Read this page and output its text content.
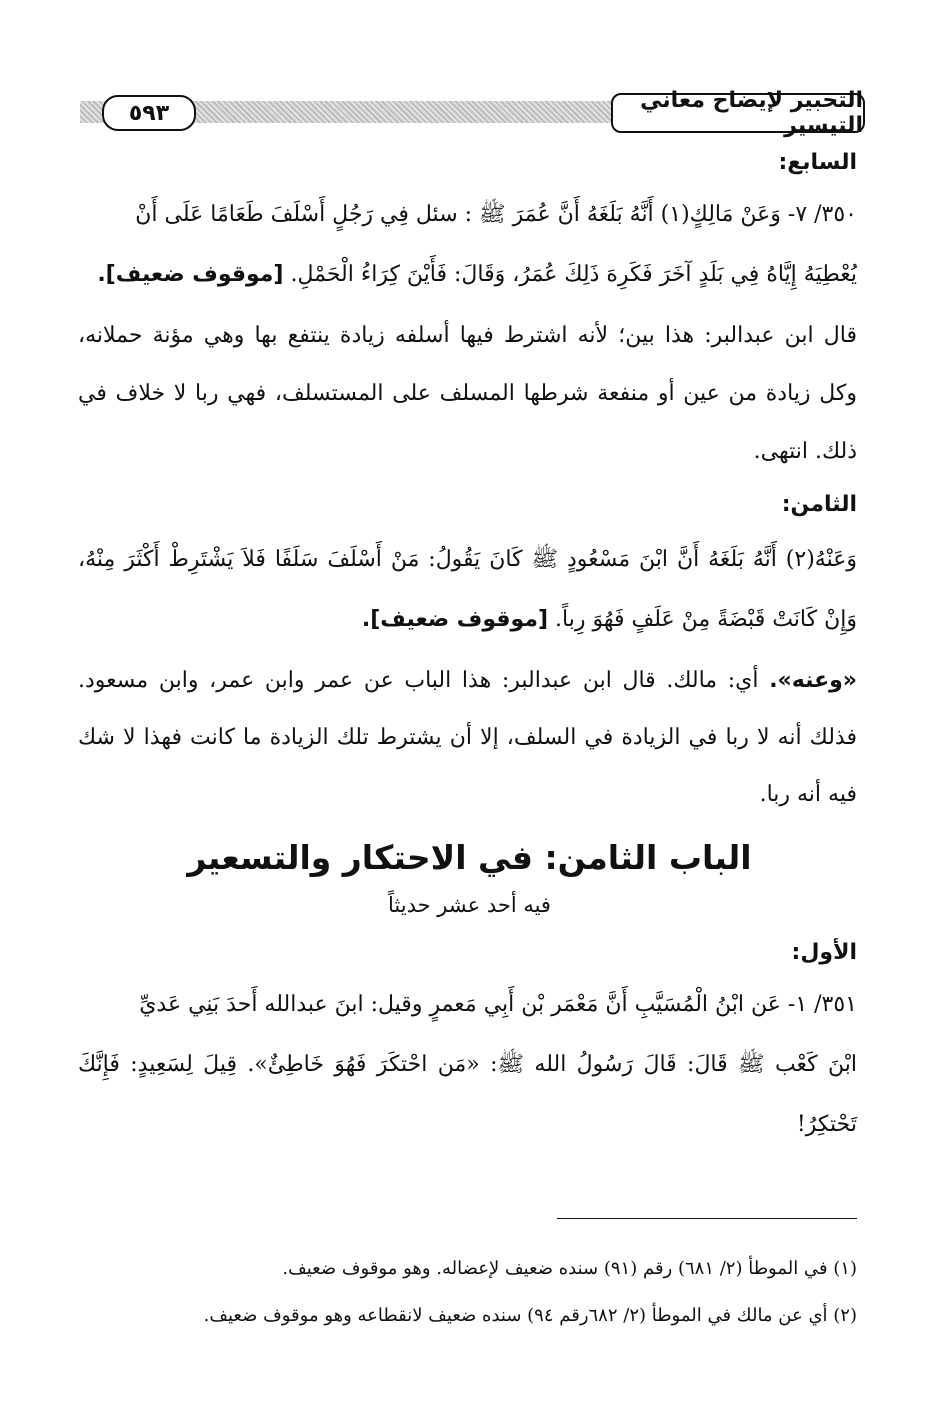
٥٩٣	التحبير لإيضاح معاني التيسير
السابع:
٣٥٠/ ٧- وَعَنْ مَالِكٍ(١) أَنَّهُ بَلَغَهُ أَنَّ عُمَرَ ﷺ : سئل فِي رَجُلٍ أَسْلَفَ طَعَامًا عَلَى أَنْ
يُعْطِيَهُ إِيَّاهُ فِي بَلَدٍ آخَرَ فَكَرِهَ ذَلِكَ عُمَرُ، وَقَالَ: فَأَيْنَ كِرَاءُ الْحَمْلِ. [موقوف ضعيف].
قال ابن عبدالبر: هذا بين؛ لأنه اشترط فيها أسلفه زيادة ينتفع بها وهي مؤنة حملانه، وكل زيادة من عين أو منفعة شرطها المسلف على المستسلف، فهي ربا لا خلاف في ذلك. انتهى.
الثامن:
وَعَنْهُ(٢) أَنَّهُ بَلَغَهُ أَنَّ ابْنَ مَسْعُودٍ ﷺ كَانَ يَقُولُ: مَنْ أَسْلَفَ سَلَفًا فَلاَ يَشْتَرِطْ أَكْثَرَ مِنْهُ، وَإِنْ كَانَتْ قَبْضَةً مِنْ عَلَفٍ فَهُوَ رِباً. [موقوف ضعيف].
«وعنه». أي: مالك. قال ابن عبدالبر: هذا الباب عن عمر وابن عمر، وابن مسعود. فذلك أنه لا ربا في الزيادة في السلف، إلا أن يشترط تلك الزيادة ما كانت فهذا لا شك فيه أنه ربا.
الباب الثامن: في الاحتكار والتسعير
فيه أحد عشر حديثاً
الأول:
٣٥١/ ١- عَن ابْنُ الْمُسَيَّبِ أَنَّ مَعْمَر بْن أَبِي مَعمرٍ وقيل: ابنَ عبدالله أَحدَ بَنِي عَديِّ
ابْنَ كَعْب ﷺ قَالَ: قَالَ رَسُولُ الله ﷺ: «مَن احْتكَرَ فَهُوَ خَاطِئٌ». قِيلَ لِسَعِيدٍ: فَإِنَّكَ تَحْتكِرُ!
(١) في الموطأ (٢/ ٦٨١) رقم (٩١) سنده ضعيف لإعضاله. وهو موقوف ضعيف.
(٢) أي عن مالك في الموطأ (٢/ ٦٨٢رقم ٩٤) سنده ضعيف لانقطاعه وهو موقوف ضعيف.
